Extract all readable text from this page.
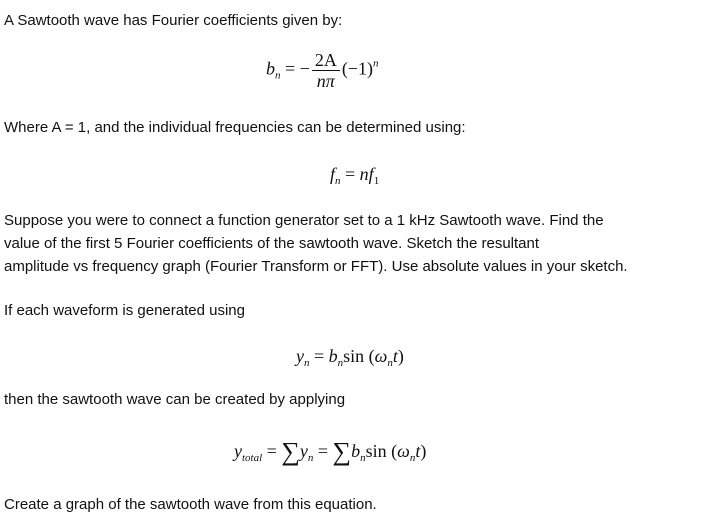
A Sawtooth wave has Fourier coefficients given by:
$b_n$ = − $\frac{2A}{n\pi} (-1)^n$
Where A = 1, and the individual frequencies can be determined using:
$f_n = nf_1$
Suppose you were to connect a function generator set to a 1 kHz Sawtooth wave. Find the
value of the first 5 Fourier coefficients of the sawtooth wave. Sketch the resultant
amplitude vs frequency graph (Fourier Transform or FFT). Use absolute values in your sketch.
If each waveform is generated using
$y_n = b_n\sin$ $(\omega_nt)$
then the sawtooth wave can be created by applying
$y_{total} = \sum y_n = \sum b_n\sin$ $(\omega_nt)$
Create a graph of the sawtooth wave from this equation.
